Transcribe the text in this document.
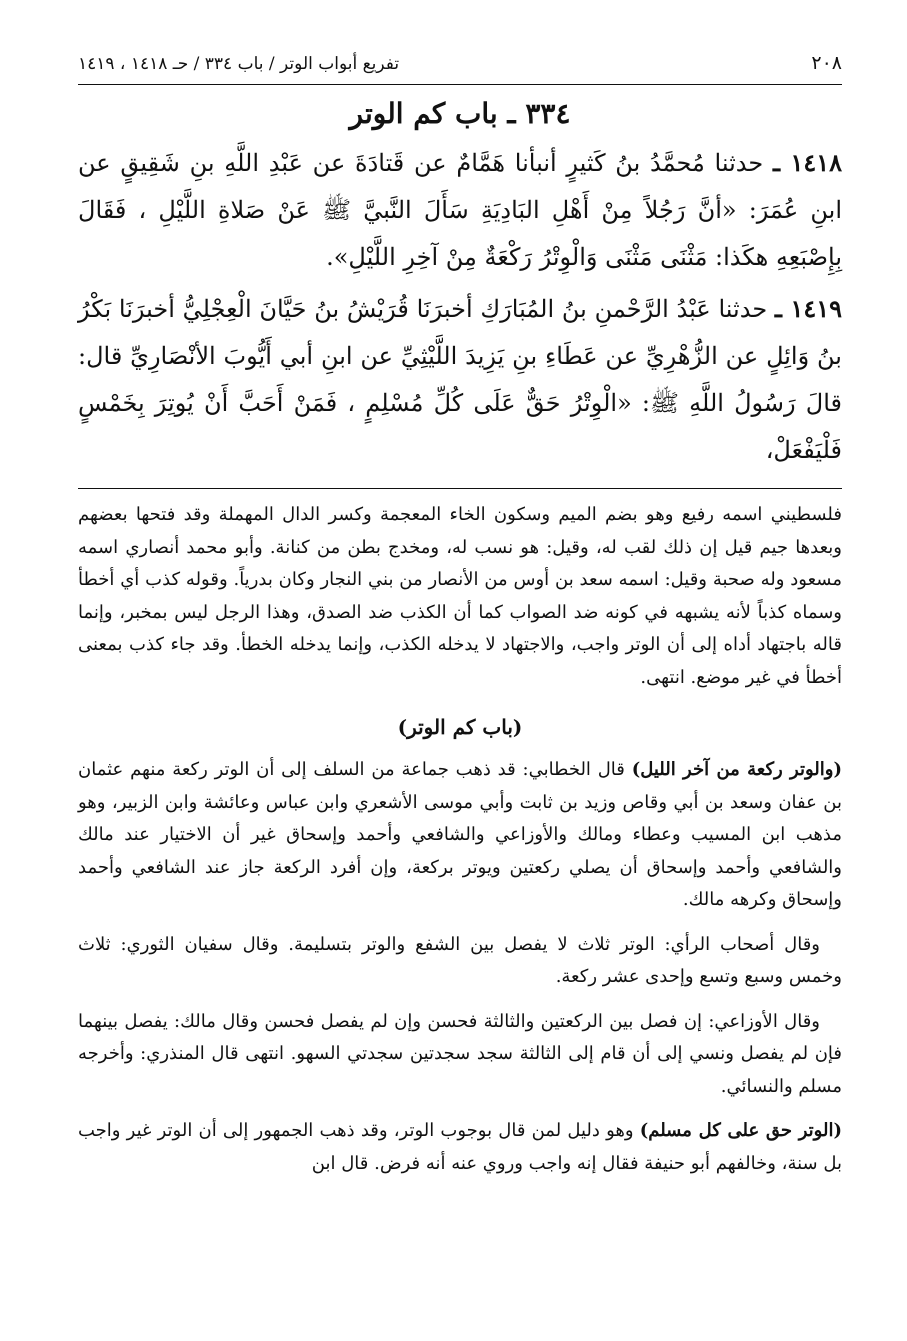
٢٠٨
تفريع أبواب الوتر / باب ٣٣٤ / حـ ١٤١٨ ، ١٤١٩
٣٣٤ ـ باب كم الوتر

١٤١٨ ـ حدثنا مُحمَّدُ بنُ كَثيرٍ أنبأنا هَمَّامٌ عن قَتادَةَ عن عَبْدِ اللَّهِ بنِ شَقِيقٍ عن ابنِ عُمَرَ: «أنَّ رَجُلاً مِنْ أَهْلِ البَادِيَةِ سَأَلَ النَّبيَّ ﷺ عَنْ صَلاةِ اللَّيْلِ ، فَقَالَ بِإِصْبَعِهِ هكَذا: مَثْنَى مَثْنَى وَالْوِتْرُ رَكْعَةٌ مِنْ آخِرِ اللَّيْلِ».

١٤١٩ ـ حدثنا عَبْدُ الرَّحْمنِ بنُ المُبَارَكِ أخبرَنَا قُرَيْشُ بنُ حَيَّانَ الْعِجْلِيُّ أخبرَنَا بَكْرُ بنُ وَائِلٍ عن الزُّهْرِيِّ عن عَطَاءِ بنِ يَزِيدَ اللَّيْثِيِّ عن ابنِ أبي أَيُّوبَ الأنْصَارِيِّ قال: قالَ رَسُولُ اللَّهِ ﷺ: «الْوِتْرُ حَقٌّ عَلَى كُلِّ مُسْلِمٍ ، فَمَنْ أَحَبَّ أَنْ يُوتِرَ بِخَمْسٍ فَلْيَفْعَلْ،

فلسطيني اسمه رفيع وهو بضم الميم وسكون الخاء المعجمة وكسر الدال المهملة وقد فتحها بعضهم وبعدها جيم قيل إن ذلك لقب له، وقيل: هو نسب له، ومخدج بطن من كنانة. وأبو محمد أنصاري اسمه مسعود وله صحبة وقيل: اسمه سعد بن أوس من الأنصار من بني النجار وكان بدرياً. وقوله كذب أي أخطأ وسماه كذباً لأنه يشبهه في كونه ضد الصواب كما أن الكذب ضد الصدق، وهذا الرجل ليس بمخبر، وإنما قاله باجتهاد أداه إلى أن الوتر واجب، والاجتهاد لا يدخله الكذب، وإنما يدخله الخطأ. وقد جاء كذب بمعنى أخطأ في غير موضع. انتهى.

(باب كم الوتر)

(والوتر ركعة من آخر الليل) قال الخطابي: قد ذهب جماعة من السلف إلى أن الوتر ركعة منهم عثمان بن عفان وسعد بن أبي وقاص وزيد بن ثابت وأبي موسى الأشعري وابن عباس وعائشة وابن الزبير، وهو مذهب ابن المسيب وعطاء ومالك والأوزاعي والشافعي وأحمد وإسحاق غير أن الاختيار عند مالك والشافعي وأحمد وإسحاق أن يصلي ركعتين ويوتر بركعة، وإن أفرد الركعة جاز عند الشافعي وأحمد وإسحاق وكرهه مالك.

وقال أصحاب الرأي: الوتر ثلاث لا يفصل بين الشفع والوتر بتسليمة. وقال سفيان الثوري: ثلاث وخمس وسبع وتسع وإحدى عشر ركعة.

وقال الأوزاعي: إن فصل بين الركعتين والثالثة فحسن وإن لم يفصل فحسن وقال مالك: يفصل بينهما فإن لم يفصل ونسي إلى أن قام إلى الثالثة سجد سجدتين سجدتي السهو. انتهى قال المنذري: وأخرجه مسلم والنسائي.

(الوتر حق على كل مسلم) وهو دليل لمن قال بوجوب الوتر، وقد ذهب الجمهور إلى أن الوتر غير واجب بل سنة، وخالفهم أبو حنيفة فقال إنه واجب وروي عنه أنه فرض. قال ابن
